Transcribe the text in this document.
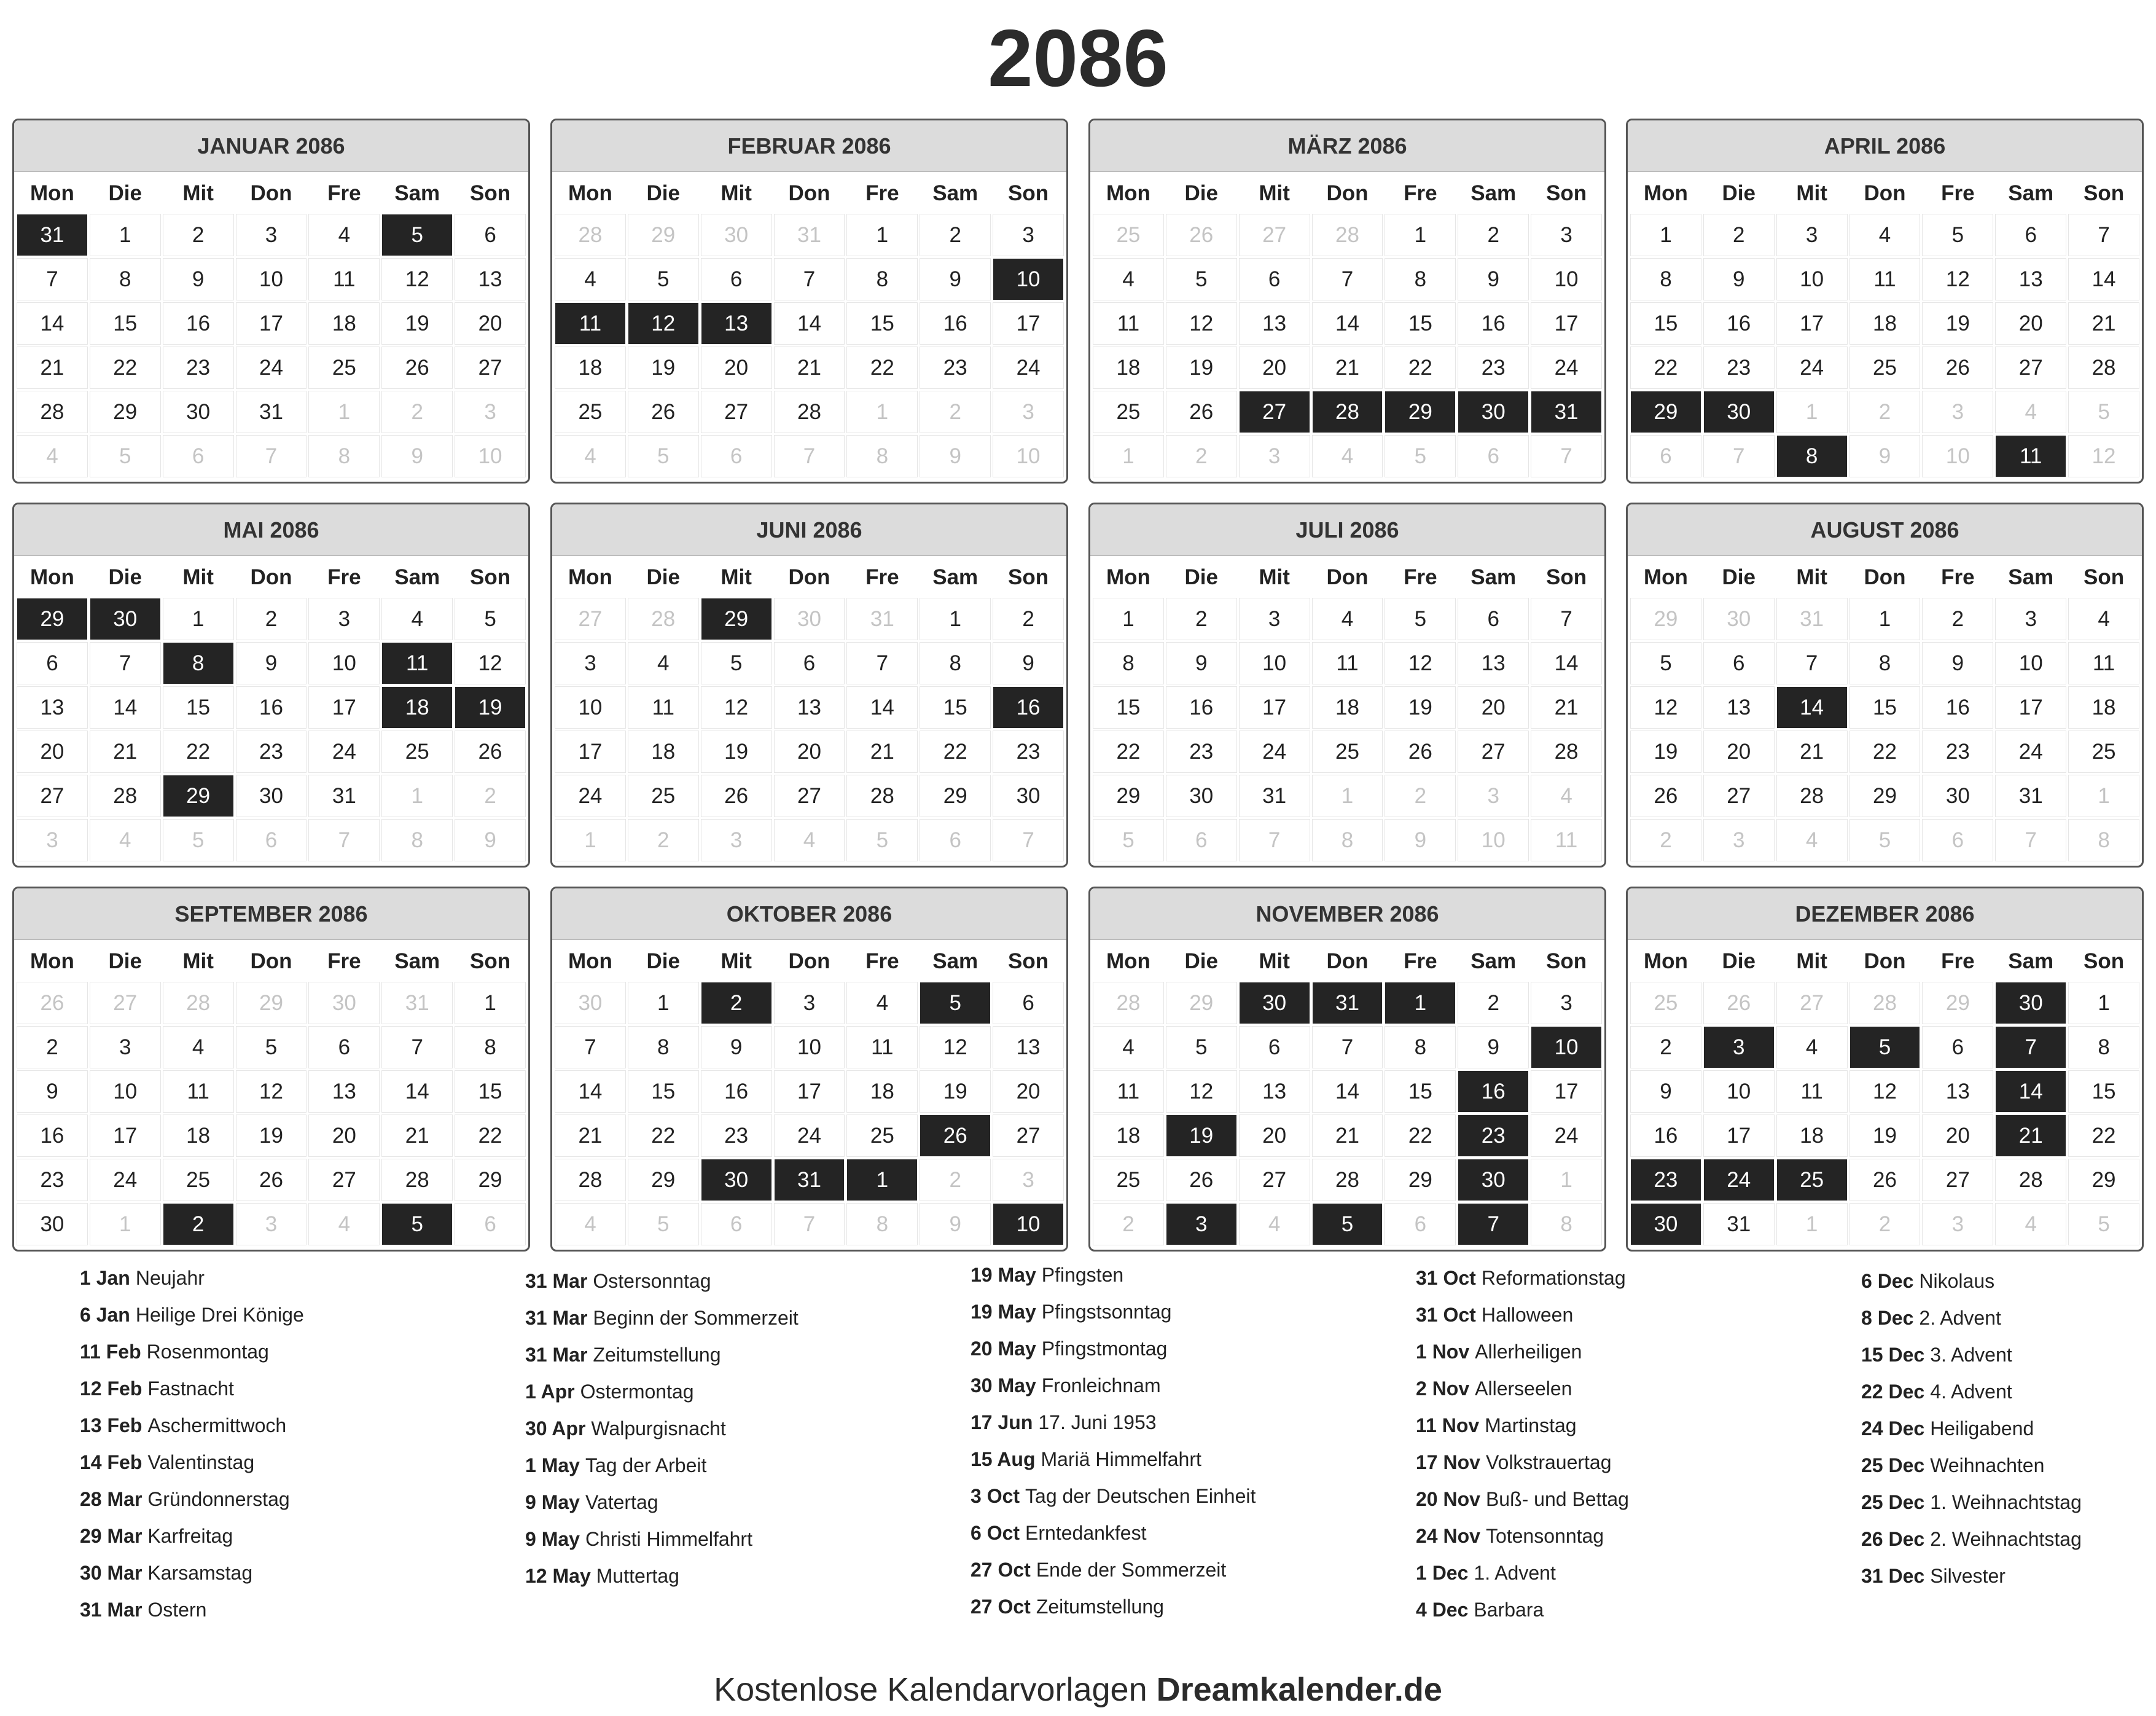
2086
JANUAR 2086
Mon	Die	Mit	Don	Fre	Sam	Son
31	1	2	3	4	5	6
7	8	9	10	11	12	13
14	15	16	17	18	19	20
21	22	23	24	25	26	27
28	29	30	31	1	2	3
4	5	6	7	8	9	10
FEBRUAR 2086
Mon	Die	Mit	Don	Fre	Sam	Son
28	29	30	31	1	2	3
4	5	6	7	8	9	10
11	12	13	14	15	16	17
18	19	20	21	22	23	24
25	26	27	28	1	2	3
4	5	6	7	8	9	10
MÄRZ 2086
Mon	Die	Mit	Don	Fre	Sam	Son
25	26	27	28	1	2	3
4	5	6	7	8	9	10
11	12	13	14	15	16	17
18	19	20	21	22	23	24
25	26	27	28	29	30	31
1	2	3	4	5	6	7
APRIL 2086
Mon	Die	Mit	Don	Fre	Sam	Son
1	2	3	4	5	6	7
8	9	10	11	12	13	14
15	16	17	18	19	20	21
22	23	24	25	26	27	28
29	30	1	2	3	4	5
6	7	8	9	10	11	12
MAI 2086
Mon	Die	Mit	Don	Fre	Sam	Son
29	30	1	2	3	4	5
6	7	8	9	10	11	12
13	14	15	16	17	18	19
20	21	22	23	24	25	26
27	28	29	30	31	1	2
3	4	5	6	7	8	9
JUNI 2086
Mon	Die	Mit	Don	Fre	Sam	Son
27	28	29	30	31	1	2
3	4	5	6	7	8	9
10	11	12	13	14	15	16
17	18	19	20	21	22	23
24	25	26	27	28	29	30
1	2	3	4	5	6	7
JULI 2086
Mon	Die	Mit	Don	Fre	Sam	Son
1	2	3	4	5	6	7
8	9	10	11	12	13	14
15	16	17	18	19	20	21
22	23	24	25	26	27	28
29	30	31	1	2	3	4
5	6	7	8	9	10	11
AUGUST 2086
Mon	Die	Mit	Don	Fre	Sam	Son
29	30	31	1	2	3	4
5	6	7	8	9	10	11
12	13	14	15	16	17	18
19	20	21	22	23	24	25
26	27	28	29	30	31	1
2	3	4	5	6	7	8
SEPTEMBER 2086
Mon	Die	Mit	Don	Fre	Sam	Son
26	27	28	29	30	31	1
2	3	4	5	6	7	8
9	10	11	12	13	14	15
16	17	18	19	20	21	22
23	24	25	26	27	28	29
30	1	2	3	4	5	6
OKTOBER 2086
Mon	Die	Mit	Don	Fre	Sam	Son
30	1	2	3	4	5	6
7	8	9	10	11	12	13
14	15	16	17	18	19	20
21	22	23	24	25	26	27
28	29	30	31	1	2	3
4	5	6	7	8	9	10
NOVEMBER 2086
Mon	Die	Mit	Don	Fre	Sam	Son
28	29	30	31	1	2	3
4	5	6	7	8	9	10
11	12	13	14	15	16	17
18	19	20	21	22	23	24
25	26	27	28	29	30	1
2	3	4	5	6	7	8
DEZEMBER 2086
Mon	Die	Mit	Don	Fre	Sam	Son
25	26	27	28	29	30	1
2	3	4	5	6	7	8
9	10	11	12	13	14	15
16	17	18	19	20	21	22
23	24	25	26	27	28	29
30	31	1	2	3	4	5
1 Jan Neujahr
6 Jan Heilige Drei Könige
11 Feb Rosenmontag
12 Feb Fastnacht
13 Feb Aschermittwoch
14 Feb Valentinstag
28 Mar Gründonnerstag
29 Mar Karfreitag
30 Mar Karsamstag
31 Mar Ostern
31 Mar Ostersonntag
31 Mar Beginn der Sommerzeit
31 Mar Zeitumstellung
1 Apr Ostermontag
30 Apr Walpurgisnacht
1 May Tag der Arbeit
9 May Vatertag
9 May Christi Himmelfahrt
12 May Muttertag
19 May Pfingsten
19 May Pfingstsonntag
20 May Pfingstmontag
30 May Fronleichnam
17 Jun 17. Juni 1953
15 Aug Mariä Himmelfahrt
3 Oct Tag der Deutschen Einheit
6 Oct Erntedankfest
27 Oct Ende der Sommerzeit
27 Oct Zeitumstellung
31 Oct Reformationstag
31 Oct Halloween
1 Nov Allerheiligen
2 Nov Allerseelen
11 Nov Martinstag
17 Nov Volkstrauertag
20 Nov Buß- und Bettag
24 Nov Totensonntag
1 Dec 1. Advent
4 Dec Barbara
6 Dec Nikolaus
8 Dec 2. Advent
15 Dec 3. Advent
22 Dec 4. Advent
24 Dec Heiligabend
25 Dec Weihnachten
25 Dec 1. Weihnachtstag
26 Dec 2. Weihnachtstag
31 Dec Silvester
Kostenlose Kalendarvorlagen Dreamkalender.de
